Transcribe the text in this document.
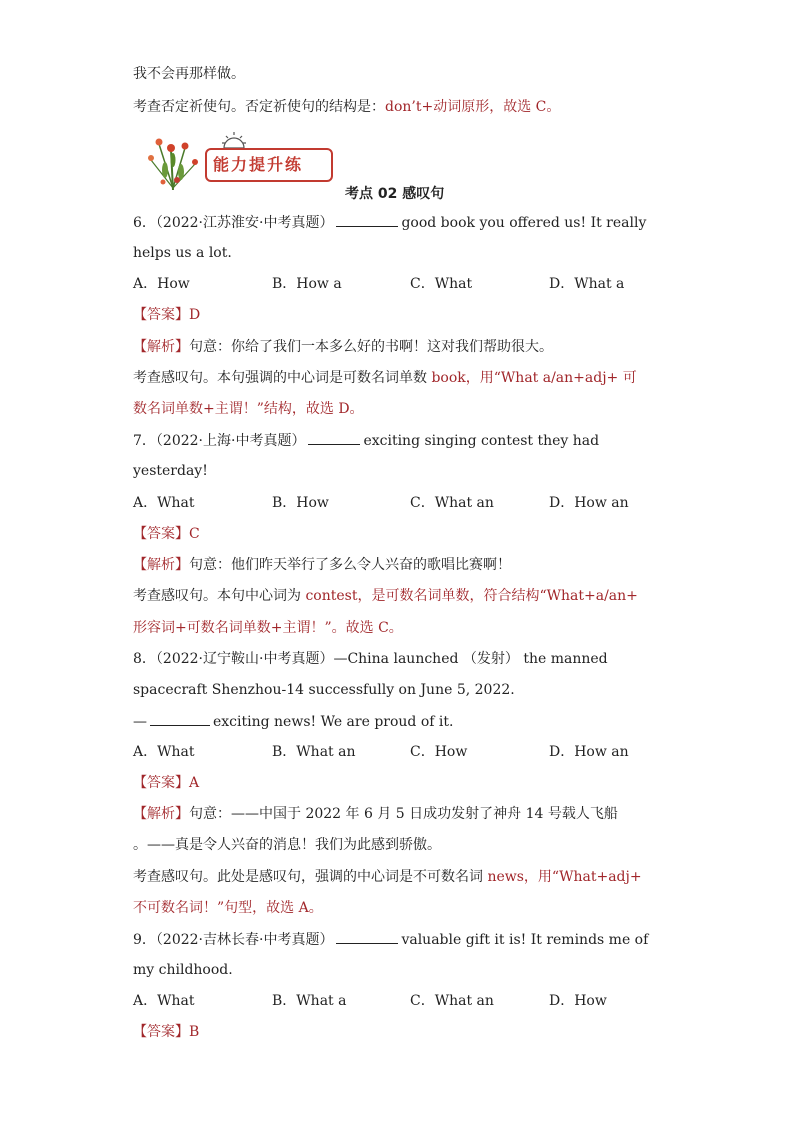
我不会再那样做。
考查否定祈使句。否定祈使句的结构是：don’t+动词原形，故选 C。
能力提升练
考点 02 感叹句
6．（2022·江苏淮安·中考真题）	good book you offered us! It really
helps us a lot.
A．How	B．How a	C．What	D．What a
【答案】D
【解析】句意：你给了我们一本多么好的书啊！这对我们帮助很大。
考查感叹句。本句强调的中心词是可数名词单数 book，用“What a/an+adj+ 可
数名词单数+主谓！”结构，故选 D。
7．（2022·上海·中考真题）	exciting singing contest they had
yesterday!
A．What	B．How	C．What an	D．How an
【答案】C
【解析】句意：他们昨天举行了多么令人兴奋的歌唱比赛啊！
考查感叹句。本句中心词为 contest，是可数名词单数，符合结构“What+a/an+
形容词+可数名词单数+主谓！”。故选 C。
8．（2022·辽宁鞍山·中考真题）—China launched （发射） the manned
spacecraft Shenzhou-14 successfully on June 5, 2022.
—	exciting news! We are proud of it.
A．What	B．What an	C．How	D．How an
【答案】A
【解析】句意：——中国于 2022 年 6 月 5 日成功发射了神舟 14 号载人飞船
。——真是令人兴奋的消息！我们为此感到骄傲。
考查感叹句。此处是感叹句，强调的中心词是不可数名词 news，用“What+adj+
不可数名词！”句型，故选 A。
9．（2022·吉林长春·中考真题）	valuable gift it is! It reminds me of
my childhood.
A．What	B．What a	C．What an	D．How
【答案】B
